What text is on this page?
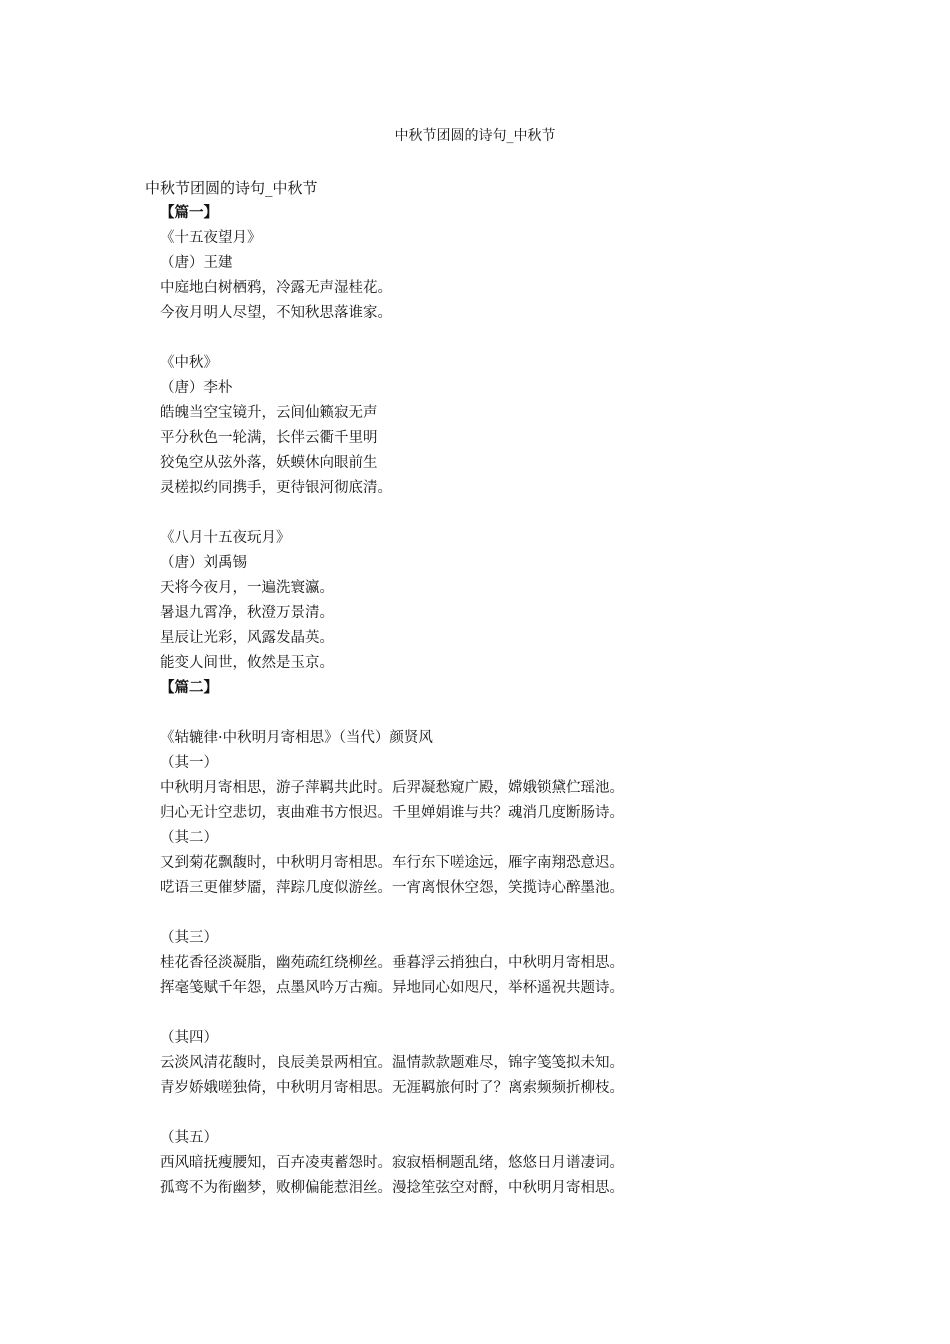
中秋节团圆的诗句_中秋节
中秋节团圆的诗句_中秋节
【篇一】
《十五夜望月》
（唐）王建
中庭地白树栖鸦，冷露无声湿桂花。
今夜月明人尽望，不知秋思落谁家。
《中秋》
（唐）李朴
皓魄当空宝镜升，云间仙籁寂无声
平分秋色一轮满，长伴云衢千里明
狡兔空从弦外落，妖蟆休向眼前生
灵槎拟约同携手，更待银河彻底清。
《八月十五夜玩月》
（唐）刘禹锡
天将今夜月，一遍洗寰瀛。
暑退九霄净，秋澄万景清。
星辰让光彩，风露发晶英。
能变人间世，攸然是玉京。
【篇二】
《轱辘律·中秋明月寄相思》（当代）颜贤风
（其一）
中秋明月寄相思，游子萍羁共此时。后羿凝愁窥广殿，嫦娥锁黛伫瑶池。
归心无计空悲切，衷曲难书方恨迟。千里婵娟谁与共？魂消几度断肠诗。
（其二）
又到菊花飘馥时，中秋明月寄相思。车行东下嗟途远，雁字南翔恐意迟。
呓语三更催梦靥，萍踪几度似游丝。一宵离恨休空怨，笑揽诗心醉墨池。
（其三）
桂花香径淡凝脂，幽苑疏红绕柳丝。垂暮浮云捎独白，中秋明月寄相思。
挥毫笺赋千年怨，点墨风吟万古痴。异地同心如咫尺，举杯遥祝共题诗。
（其四）
云淡风清花馥时，良辰美景两相宜。温情款款题难尽，锦字笺笺拟未知。
青岁娇娥嗟独倚，中秋明月寄相思。无涯羁旅何时了？离索频频折柳枝。
（其五）
西风暗抚瘦腰知，百卉凌夷蓄怨时。寂寂梧桐题乱绪，悠悠日月谱凄词。
孤鸾不为衔幽梦，败柳偏能惹泪丝。漫捻笙弦空对酹，中秋明月寄相思。
